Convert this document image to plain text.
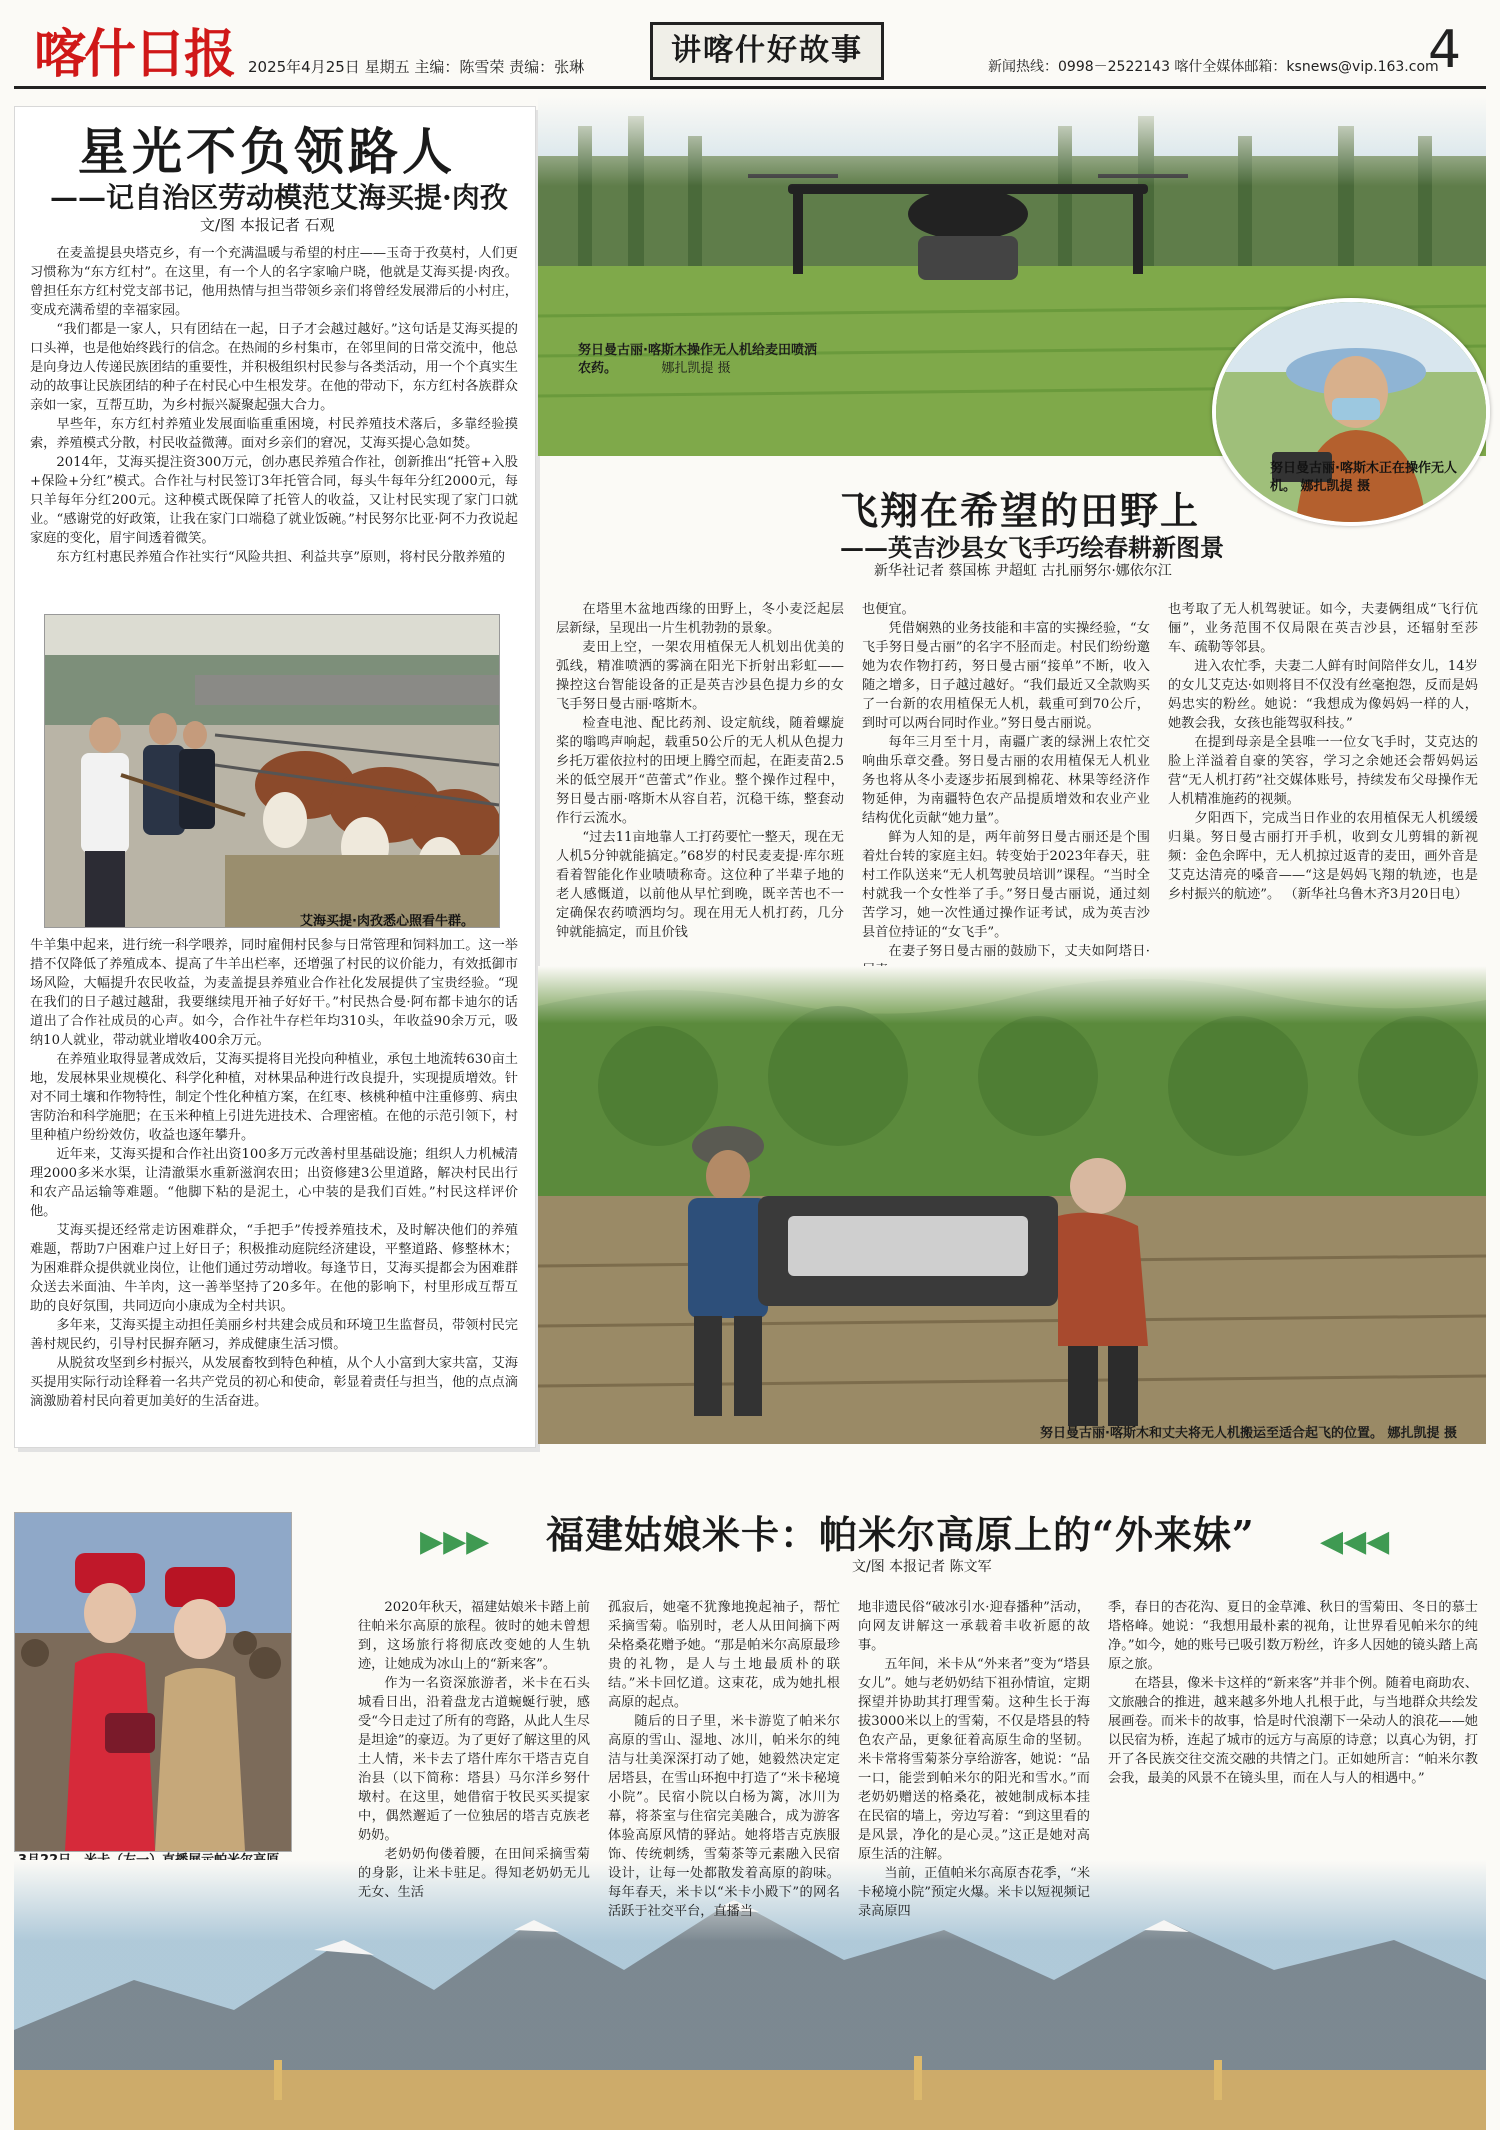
喀什日报 2025年4月25日 星期五 主编：陈雪荣 责编：张琳	讲喀什好故事	新闻热线：0998－2522143 喀什全媒体邮箱：ksnews@vip.163.com
4
星光不负领路人
——记自治区劳动模范艾海买提·肉孜
文/图 本报记者 石观

在麦盖提县央塔克乡，有一个充满温暖与希望的村庄——玉奇于孜莫村，人们更习惯称为“东方红村”。在这里，有一个人的名字家喻户晓，他就是艾海买提·肉孜。曾担任东方红村党支部书记，他用热情与担当带领乡亲们将曾经发展滞后的小村庄，变成充满希望的幸福家园。

“我们都是一家人，只有团结在一起，日子才会越过越好。”这句话是艾海买提的口头禅，也是他始终践行的信念。在热闹的乡村集市，在邻里间的日常交流中，他总是向身边人传递民族团结的重要性，并积极组织村民参与各类活动，用一个个真实生动的故事让民族团结的种子在村民心中生根发芽。在他的带动下，东方红村各族群众亲如一家，互帮互助，为乡村振兴凝聚起强大合力。

早些年，东方红村养殖业发展面临重重困境，村民养殖技术落后，多靠经验摸索，养殖模式分散，村民收益微薄。面对乡亲们的窘况，艾海买提心急如焚。

2014年，艾海买提注资300万元，创办惠民养殖合作社，创新推出“托管+入股+保险+分红”模式。合作社与村民签订3年托管合同，每头牛每年分红2000元，每只羊每年分红200元。这种模式既保障了托管人的收益，又让村民实现了家门口就业。“感谢党的好政策，让我在家门口端稳了就业饭碗。”村民努尔比亚·阿不力孜说起家庭的变化，眉宇间透着微笑。

东方红村惠民养殖合作社实行“风险共担、利益共享”原则，将村民分散养殖的

艾海买提·肉孜悉心照看牛群。

牛羊集中起来，进行统一科学喂养，同时雇佣村民参与日常管理和饲料加工。这一举措不仅降低了养殖成本、提高了牛羊出栏率，还增强了村民的议价能力，有效抵御市场风险，大幅提升农民收益，为麦盖提县养殖业合作社化发展提供了宝贵经验。“现在我们的日子越过越甜，我要继续甩开袖子好好干。”村民热合曼·阿布都卡迪尔的话道出了合作社成员的心声。如今，合作社牛存栏年均310头，年收益90余万元，吸纳10人就业，带动就业增收400余万元。

在养殖业取得显著成效后，艾海买提将目光投向种植业，承包土地流转630亩土地，发展林果业规模化、科学化种植，对林果品种进行改良提升，实现提质增效。针对不同土壤和作物特性，制定个性化种植方案，在红枣、核桃种植中注重修剪、病虫害防治和科学施肥；在玉米种植上引进先进技术、合理密植。在他的示范引领下，村里种植户纷纷效仿，收益也逐年攀升。

近年来，艾海买提和合作社出资100多万元改善村里基础设施；组织人力机械清理2000多米水渠，让清澈渠水重新滋润农田；出资修建3公里道路，解决村民出行和农产品运输等难题。“他脚下粘的是泥土，心中装的是我们百姓。”村民这样评价他。

艾海买提还经常走访困难群众，“手把手”传授养殖技术，及时解决他们的养殖难题，帮助7户困难户过上好日子；积极推动庭院经济建设，平整道路、修整林木；为困难群众提供就业岗位，让他们通过劳动增收。每逢节日，艾海买提都会为困难群众送去米面油、牛羊肉，这一善举坚持了20多年。在他的影响下，村里形成互帮互助的良好氛围，共同迈向小康成为全村共识。

多年来，艾海买提主动担任美丽乡村共建会成员和环境卫生监督员，带领村民完善村规民约，引导村民摒弃陋习，养成健康生活习惯。

从脱贫攻坚到乡村振兴，从发展畜牧到特色种植，从个人小富到大家共富，艾海买提用实际行动诠释着一名共产党员的初心和使命，彰显着责任与担当，他的点点滴滴激励着村民向着更加美好的生活奋进。

努日曼古丽·喀斯木操作无人机给麦田喷洒农药。	娜扎凯提 摄
努日曼古丽·喀斯木正在操作无人机。 娜扎凯提 摄
飞翔在希望的田野上
——英吉沙县女飞手巧绘春耕新图景
新华社记者 蔡国栋 尹超虹 古扎丽努尔·娜依尔江

在塔里木盆地西缘的田野上，冬小麦泛起层层新绿，呈现出一片生机勃勃的景象。

麦田上空，一架农用植保无人机划出优美的弧线，精准喷洒的雾滴在阳光下折射出彩虹——操控这台智能设备的正是英吉沙县色提力乡的女飞手努日曼古丽·喀斯木。

检查电池、配比药剂、设定航线，随着螺旋桨的嗡鸣声响起，载重50公斤的无人机从色提力乡托万霍依拉村的田埂上腾空而起，在距麦苗2.5米的低空展开“芭蕾式”作业。整个操作过程中，努日曼古丽·喀斯木从容自若，沉稳干练，整套动作行云流水。

“过去11亩地靠人工打药要忙一整天，现在无人机5分钟就能搞定。”68岁的村民麦麦提·库尔班看着智能化作业啧啧称奇。这位种了半辈子地的老人感慨道，以前他从早忙到晚，既辛苦也不一定确保农药喷洒均匀。现在用无人机打药，几分钟就能搞定，而且价钱

也便宜。

凭借娴熟的业务技能和丰富的实操经验，“女飞手努日曼古丽”的名字不胫而走。村民们纷纷邀她为农作物打药，努日曼古丽“接单”不断，收入随之增多，日子越过越好。“我们最近又全款购买了一台新的农用植保无人机，载重可到70公斤，到时可以两台同时作业。”努日曼古丽说。

每年三月至十月，南疆广袤的绿洲上农忙交响曲乐章交叠。努日曼古丽的农用植保无人机业务也将从冬小麦逐步拓展到棉花、林果等经济作物延伸，为南疆特色农产品提质增效和农业产业结构优化贡献“她力量”。

鲜为人知的是，两年前努日曼古丽还是个围着灶台转的家庭主妇。转变始于2023年春天，驻村工作队送来“无人机驾驶员培训”课程。“当时全村就我一个女性举了手。”努日曼古丽说，通过刻苦学习，她一次性通过操作证考试，成为英吉沙县首位持证的“女飞手”。

在妻子努日曼古丽的鼓励下，丈夫如阿塔日·

也考取了无人机驾驶证。如今，夫妻俩组成“飞行伉俪”，业务范围不仅局限在英吉沙县，还辐射至莎车、疏勒等邻县。

进入农忙季，夫妻二人鲜有时间陪伴女儿，14岁的女儿艾克达·如则将目不仅没有丝毫抱怨，反而是妈妈忠实的粉丝。她说：“我想成为像妈妈一样的人，她教会我，女孩也能驾驭科技。”

在提到母亲是全县唯一一位女飞手时，艾克达的脸上洋溢着自豪的笑容，学习之余她还会帮妈妈运营“无人机打药”社交媒体账号，持续发布父母操作无人机精准施药的视频。

夕阳西下，完成当日作业的农用植保无人机缓缓归巢。努日曼古丽打开手机，收到女儿剪辑的新视频：金色余晖中，无人机掠过返青的麦田，画外音是艾克达清亮的嗓音——“这是妈妈飞翔的轨迹，也是乡村振兴的航迹”。 （新华社乌鲁木齐3月20日电）

努日曼古丽·喀斯木和丈夫将无人机搬运至适合起飞的位置。 娜扎凯提 摄
▶▶▶ 福建姑娘米卡：帕米尔高原上的“外来妹” ◀◀◀
文/图 本报记者 陈文军

2020年秋天，福建姑娘米卡踏上前往帕米尔高原的旅程。彼时的她未曾想到，这场旅行将彻底改变她的人生轨迹，让她成为冰山上的“新来客”。

作为一名资深旅游者，米卡在石头城看日出，沿着盘龙古道蜿蜒行驶，感受“今日走过了所有的弯路，从此人生尽是坦途”的豪迈。为了更好了解这里的风土人情，米卡去了塔什库尔干塔吉克自治县（以下简称：塔县）马尔洋乡努什墩村。在这里，她借宿于牧民买买提家中，偶然邂逅了一位独居的塔吉克族老奶奶。

老奶奶佝偻着腰，在田间采摘雪菊的身影，让米卡驻足。得知老奶奶无儿无女、生活

孤寂后，她毫不犹豫地挽起袖子，帮忙采摘雪菊。临别时，老人从田间摘下两朵格桑花赠予她。“那是帕米尔高原最珍贵的礼物，是人与土地最质朴的联结。”米卡回忆道。这束花，成为她扎根高原的起点。

随后的日子里，米卡游览了帕米尔高原的雪山、湿地、冰川，帕米尔的纯洁与壮美深深打动了她，她毅然决定定居塔县，在雪山环抱中打造了“米卡秘境小院”。民宿小院以白杨为篱，冰川为幕，将茶室与住宿完美融合，成为游客体验高原风情的驿站。她将塔吉克族服饰、传统刺绣，雪菊茶等元素融入民宿设计，让每一处都散发着高原的韵味。每年春天，米卡以“米卡小殿下”的网名活跃于社交平台，直播当

地非遗民俗“破冰引水·迎春播种”活动，向网友讲解这一承载着丰收祈愿的故事。

五年间，米卡从“外来者”变为“塔县女儿”。她与老奶奶结下祖孙情谊，定期探望并协助其打理雪菊。这种生长于海拔3000米以上的雪菊，不仅是塔县的特色农产品，更象征着高原生命的坚韧。米卡常将雪菊茶分享给游客，她说：“品一口，能尝到帕米尔的阳光和雪水。”而老奶奶赠送的格桑花，被她制成标本挂在民宿的墙上，旁边写着：“到这里看的是风景，净化的是心灵。”这正是她对高原生活的注解。

当前，正值帕米尔高原杏花季，“米卡秘境小院”预定火爆。米卡以短视频记录高原四

季，春日的杏花沟、夏日的金草滩、秋日的雪菊田、冬日的慕士塔格峰。她说：“我想用最朴素的视角，让世界看见帕米尔的纯净。”如今，她的账号已吸引数万粉丝，许多人因她的镜头踏上高原之旅。

在塔县，像米卡这样的“新来客”并非个例。随着电商助农、文旅融合的推进，越来越多外地人扎根于此，与当地群众共绘发展画卷。而米卡的故事，恰是时代浪潮下一朵动人的浪花——她以民宿为桥，连起了城市的远方与高原的诗意；以真心为钥，打开了各民族交往交流交融的共情之门。正如她所言：“帕米尔教会我，最美的风景不在镜头里，而在人与人的相遇中。”
